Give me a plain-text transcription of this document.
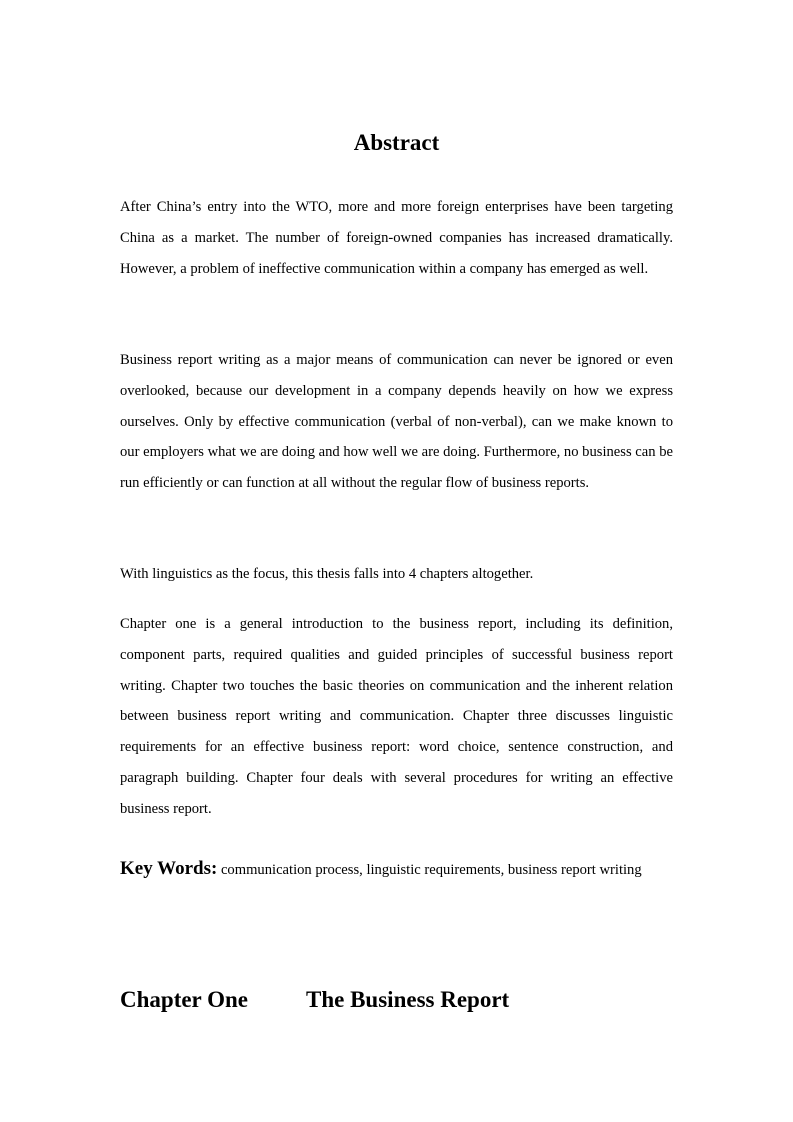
Abstract

After China’s entry into the WTO, more and more foreign enterprises have been targeting China as a market. The number of foreign-owned companies has increased dramatically. However, a problem of ineffective communication within a company has emerged as well.

Business report writing as a major means of communication can never be ignored or even overlooked, because our development in a company depends heavily on how we express ourselves. Only by effective communication (verbal of non-verbal), can we make known to our employers what we are doing and how well we are doing. Furthermore, no business can be run efficiently or can function at all without the regular flow of business reports.

With linguistics as the focus, this thesis falls into 4 chapters altogether.

Chapter one is a general introduction to the business report, including its definition, component parts, required qualities and guided principles of successful business report writing. Chapter two touches the basic theories on communication and the inherent relation between business report writing and communication. Chapter three discusses linguistic requirements for an effective business report: word choice, sentence construction, and paragraph building. Chapter four deals with several procedures for writing an effective business report.

Key Words: communication process, linguistic requirements, business report writing

Chapter One	The Business Report
